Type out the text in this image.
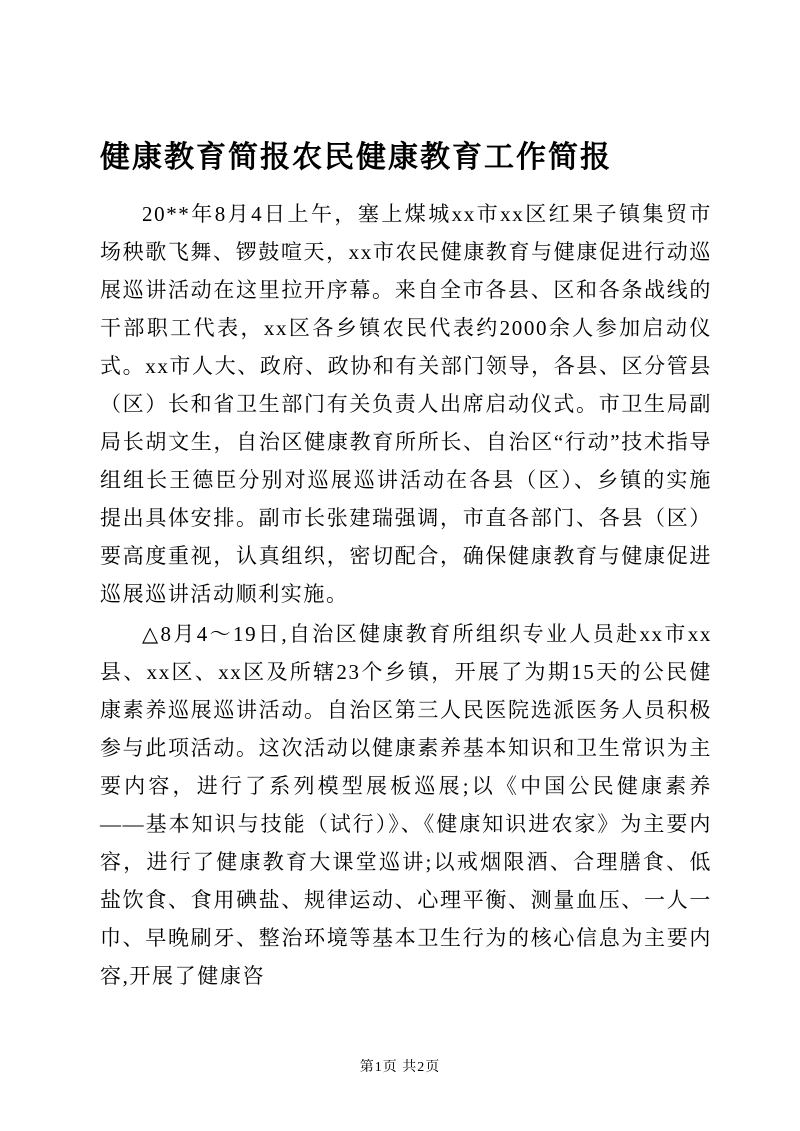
健康教育简报农民健康教育工作简报

20**年8月4日上午，塞上煤城xx市xx区红果子镇集贸市场秧歌飞舞、锣鼓喧天，xx市农民健康教育与健康促进行动巡展巡讲活动在这里拉开序幕。来自全市各县、区和各条战线的干部职工代表，xx区各乡镇农民代表约2000余人参加启动仪式。xx市人大、政府、政协和有关部门领导，各县、区分管县（区）长和省卫生部门有关负责人出席启动仪式。市卫生局副局长胡文生，自治区健康教育所所长、自治区“行动”技术指导组组长王德臣分别对巡展巡讲活动在各县（区）、乡镇的实施提出具体安排。副市长张建瑞强调，市直各部门、各县（区）要高度重视，认真组织，密切配合，确保健康教育与健康促进巡展巡讲活动顺利实施。

△8月4～19日,自治区健康教育所组织专业人员赴xx市xx县、xx区、xx区及所辖23个乡镇，开展了为期15天的公民健康素养巡展巡讲活动。自治区第三人民医院选派医务人员积极参与此项活动。这次活动以健康素养基本知识和卫生常识为主要内容，进行了系列模型展板巡展;以《中国公民健康素养——基本知识与技能（试行）》、《健康知识进农家》为主要内容，进行了健康教育大课堂巡讲;以戒烟限酒、合理膳食、低盐饮食、食用碘盐、规律运动、心理平衡、测量血压、一人一巾、早晚刷牙、整治环境等基本卫生行为的核心信息为主要内容,开展了健康咨

第1页 共2页
